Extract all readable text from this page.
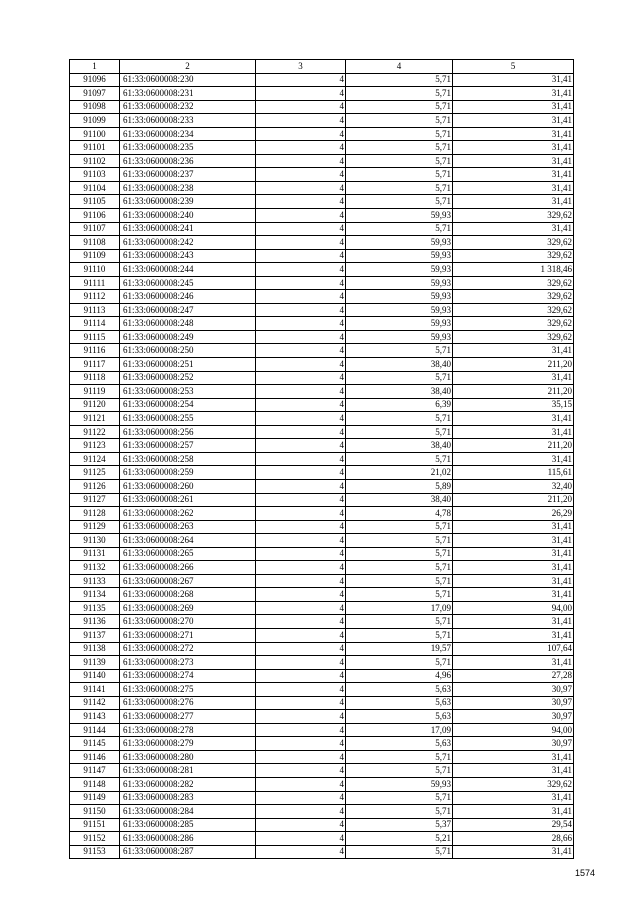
1	2	3	4	5
91096	61:33:0600008:230	4	5,71	31,41
91097	61:33:0600008:231	4	5,71	31,41
91098	61:33:0600008:232	4	5,71	31,41
91099	61:33:0600008:233	4	5,71	31,41
91100	61:33:0600008:234	4	5,71	31,41
91101	61:33:0600008:235	4	5,71	31,41
91102	61:33:0600008:236	4	5,71	31,41
91103	61:33:0600008:237	4	5,71	31,41
91104	61:33:0600008:238	4	5,71	31,41
91105	61:33:0600008:239	4	5,71	31,41
91106	61:33:0600008:240	4	59,93	329,62
91107	61:33:0600008:241	4	5,71	31,41
91108	61:33:0600008:242	4	59,93	329,62
91109	61:33:0600008:243	4	59,93	329,62
91110	61:33:0600008:244	4	59,93	1 318,46
91111	61:33:0600008:245	4	59,93	329,62
91112	61:33:0600008:246	4	59,93	329,62
91113	61:33:0600008:247	4	59,93	329,62
91114	61:33:0600008:248	4	59,93	329,62
91115	61:33:0600008:249	4	59,93	329,62
91116	61:33:0600008:250	4	5,71	31,41
91117	61:33:0600008:251	4	38,40	211,20
91118	61:33:0600008:252	4	5,71	31,41
91119	61:33:0600008:253	4	38,40	211,20
91120	61:33:0600008:254	4	6,39	35,15
91121	61:33:0600008:255	4	5,71	31,41
91122	61:33:0600008:256	4	5,71	31,41
91123	61:33:0600008:257	4	38,40	211,20
91124	61:33:0600008:258	4	5,71	31,41
91125	61:33:0600008:259	4	21,02	115,61
91126	61:33:0600008:260	4	5,89	32,40
91127	61:33:0600008:261	4	38,40	211,20
91128	61:33:0600008:262	4	4,78	26,29
91129	61:33:0600008:263	4	5,71	31,41
91130	61:33:0600008:264	4	5,71	31,41
91131	61:33:0600008:265	4	5,71	31,41
91132	61:33:0600008:266	4	5,71	31,41
91133	61:33:0600008:267	4	5,71	31,41
91134	61:33:0600008:268	4	5,71	31,41
91135	61:33:0600008:269	4	17,09	94,00
91136	61:33:0600008:270	4	5,71	31,41
91137	61:33:0600008:271	4	5,71	31,41
91138	61:33:0600008:272	4	19,57	107,64
91139	61:33:0600008:273	4	5,71	31,41
91140	61:33:0600008:274	4	4,96	27,28
91141	61:33:0600008:275	4	5,63	30,97
91142	61:33:0600008:276	4	5,63	30,97
91143	61:33:0600008:277	4	5,63	30,97
91144	61:33:0600008:278	4	17,09	94,00
91145	61:33:0600008:279	4	5,63	30,97
91146	61:33:0600008:280	4	5,71	31,41
91147	61:33:0600008:281	4	5,71	31,41
91148	61:33:0600008:282	4	59,93	329,62
91149	61:33:0600008:283	4	5,71	31,41
91150	61:33:0600008:284	4	5,71	31,41
91151	61:33:0600008:285	4	5,37	29,54
91152	61:33:0600008:286	4	5,21	28,66
91153	61:33:0600008:287	4	5,71	31,41
1574
